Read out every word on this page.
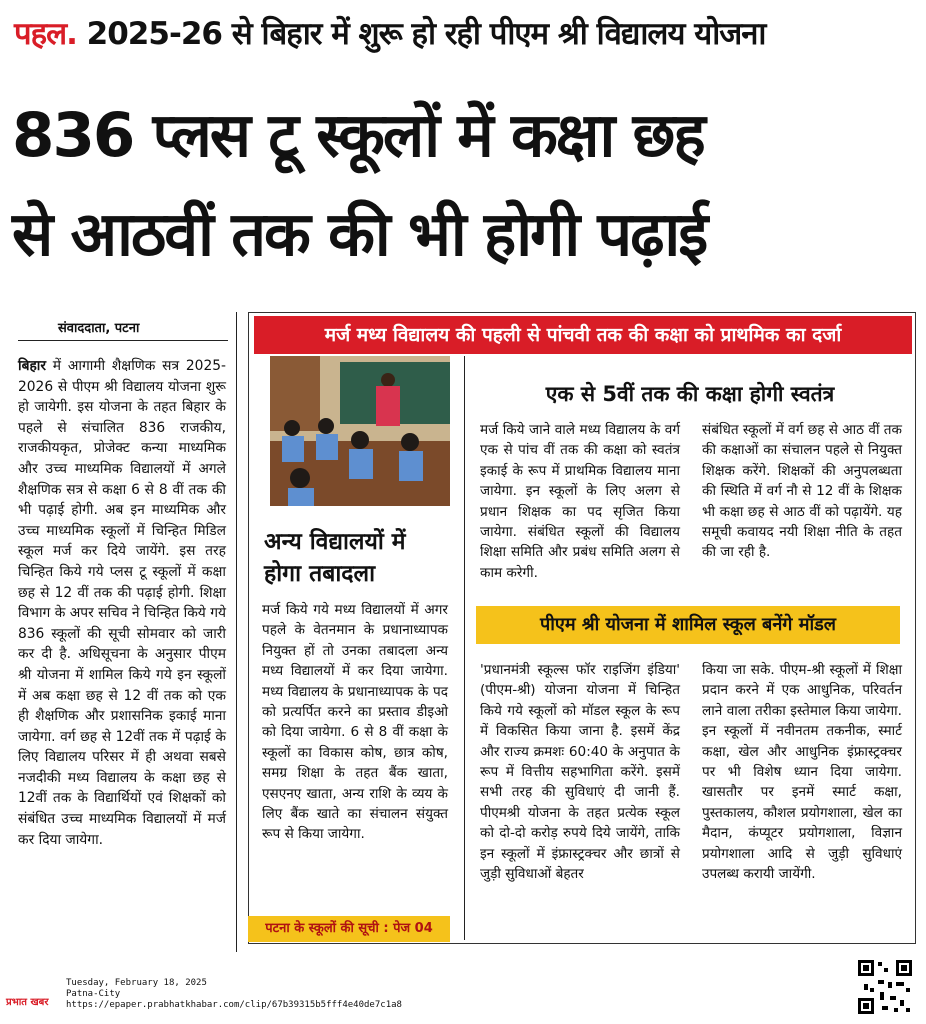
पहल. 2025-26 से बिहार में शुरू हो रही पीएम श्री विद्यालय योजना
836 प्लस टू स्कूलों में कक्षा छह
से आठवीं तक की भी होगी पढ़ाई
संवाददाता, पटना

बिहार में आगामी शैक्षणिक सत्र 2025-2026 से पीएम श्री विद्यालय योजना शुरू हो जायेगी. इस योजना के तहत बिहार के पहले से संचालित 836 राजकीय, राजकीयकृत, प्रोजेक्ट कन्या माध्यमिक और उच्च माध्यमिक विद्यालयों में अगले शैक्षणिक सत्र से कक्षा 6 से 8 वीं तक की भी पढ़ाई होगी. अब इन माध्यमिक और उच्च माध्यमिक स्कूलों में चिन्हित मिडिल स्कूल मर्ज कर दिये जायेंगे. इस तरह चिन्हित किये गये प्लस टू स्कूलों में कक्षा छह से 12 वीं तक की पढ़ाई होगी. शिक्षा विभाग के अपर सचिव ने चिन्हित किये गये 836 स्कूलों की सूची सोमवार को जारी कर दी है. अधिसूचना के अनुसार पीएम श्री योजना में शामिल किये गये इन स्कूलों में अब कक्षा छह से 12 वीं तक को एक ही शैक्षणिक और प्रशासनिक इकाई माना जायेगा. वर्ग छह से 12वीं तक में पढ़ाई के लिए विद्यालय परिसर में ही अथवा सबसे नजदीकी मध्य विद्यालय के कक्षा छह से 12वीं तक के विद्यार्थियों एवं शिक्षकों को संबंधित उच्च माध्यमिक विद्यालयों में मर्ज कर दिया जायेगा.

मर्ज मध्य विद्यालय की पहली से पांचवी तक की कक्षा को प्राथमिक का दर्जा
अन्य विद्यालयों में होगा तबादला

मर्ज किये गये मध्य विद्यालयों में अगर पहले के वेतनमान के प्रधानाध्यापक नियुक्त हों तो उनका तबादला अन्य मध्य विद्यालयों में कर दिया जायेगा. मध्य विद्यालय के प्रधानाध्यापक के पद को प्रत्यर्पित करने का प्रस्ताव डीइओ को दिया जायेगा. 6 से 8 वीं कक्षा के स्कूलों का विकास कोष, छात्र कोष, समग्र शिक्षा के तहत बैंक खाता, एसएनए खाता, अन्य राशि के व्यय के लिए बैंक खाते का संचालन संयुक्त रूप से किया जायेगा.

पटना के स्कूलों की सूची : पेज 04
एक से 5वीं तक की कक्षा होगी स्वतंत्र

मर्ज किये जाने वाले मध्य विद्यालय के वर्ग एक से पांच वीं तक की कक्षा को स्वतंत्र इकाई के रूप में प्राथमिक विद्यालय माना जायेगा. इन स्कूलों के लिए अलग से प्रधान शिक्षक का पद सृजित किया जायेगा. संबंधित स्कूलों की विद्यालय शिक्षा समिति और प्रबंध समिति अलग से काम करेगी.

संबंधित स्कूलों में वर्ग छह से आठ वीं तक की कक्षाओं का संचालन पहले से नियुक्त शिक्षक करेंगे. शिक्षकों की अनुपलब्धता की स्थिति में वर्ग नौ से 12 वीं के शिक्षक भी कक्षा छह से आठ वीं को पढ़ायेंगे. यह समूची कवायद नयी शिक्षा नीति के तहत की जा रही है.

पीएम श्री योजना में शामिल स्कूल बनेंगे मॉडल

'प्रधानमंत्री स्कूल्स फॉर राइजिंग इंडिया' (पीएम-श्री) योजना योजना में चिन्हित किये गये स्कूलों को मॉडल स्कूल के रूप में विकसित किया जाना है. इसमें केंद्र और राज्य क्रमशः 60:40 के अनुपात के रूप में वित्तीय सहभागिता करेंगे. इसमें सभी तरह की सुविधाएं दी जानी हैं. पीएमश्री योजना के तहत प्रत्येक स्कूल को दो-दो करोड़ रुपये दिये जायेंगे, ताकि इन स्कूलों में इंफ्रास्ट्रक्चर और छात्रों से जुड़ी सुविधाओं बेहतर

किया जा सके. पीएम-श्री स्कूलों में शिक्षा प्रदान करने में एक आधुनिक, परिवर्तन लाने वाला तरीका इस्तेमाल किया जायेगा. इन स्कूलों में नवीनतम तकनीक, स्मार्ट कक्षा, खेल और आधुनिक इंफ्रास्ट्रक्चर पर भी विशेष ध्यान दिया जायेगा. खासतौर पर इनमें स्मार्ट कक्षा, पुस्तकालय, कौशल प्रयोगशाला, खेल का मैदान, कंप्यूटर प्रयोगशाला, विज्ञान प्रयोगशाला आदि से जुड़ी सुविधाएं उपलब्ध करायी जायेंगी.

प्रभात खबर
Tuesday, February 18, 2025
Patna-City
https://epaper.prabhatkhabar.com/clip/67b39315b5fff4e40de7c1a8
